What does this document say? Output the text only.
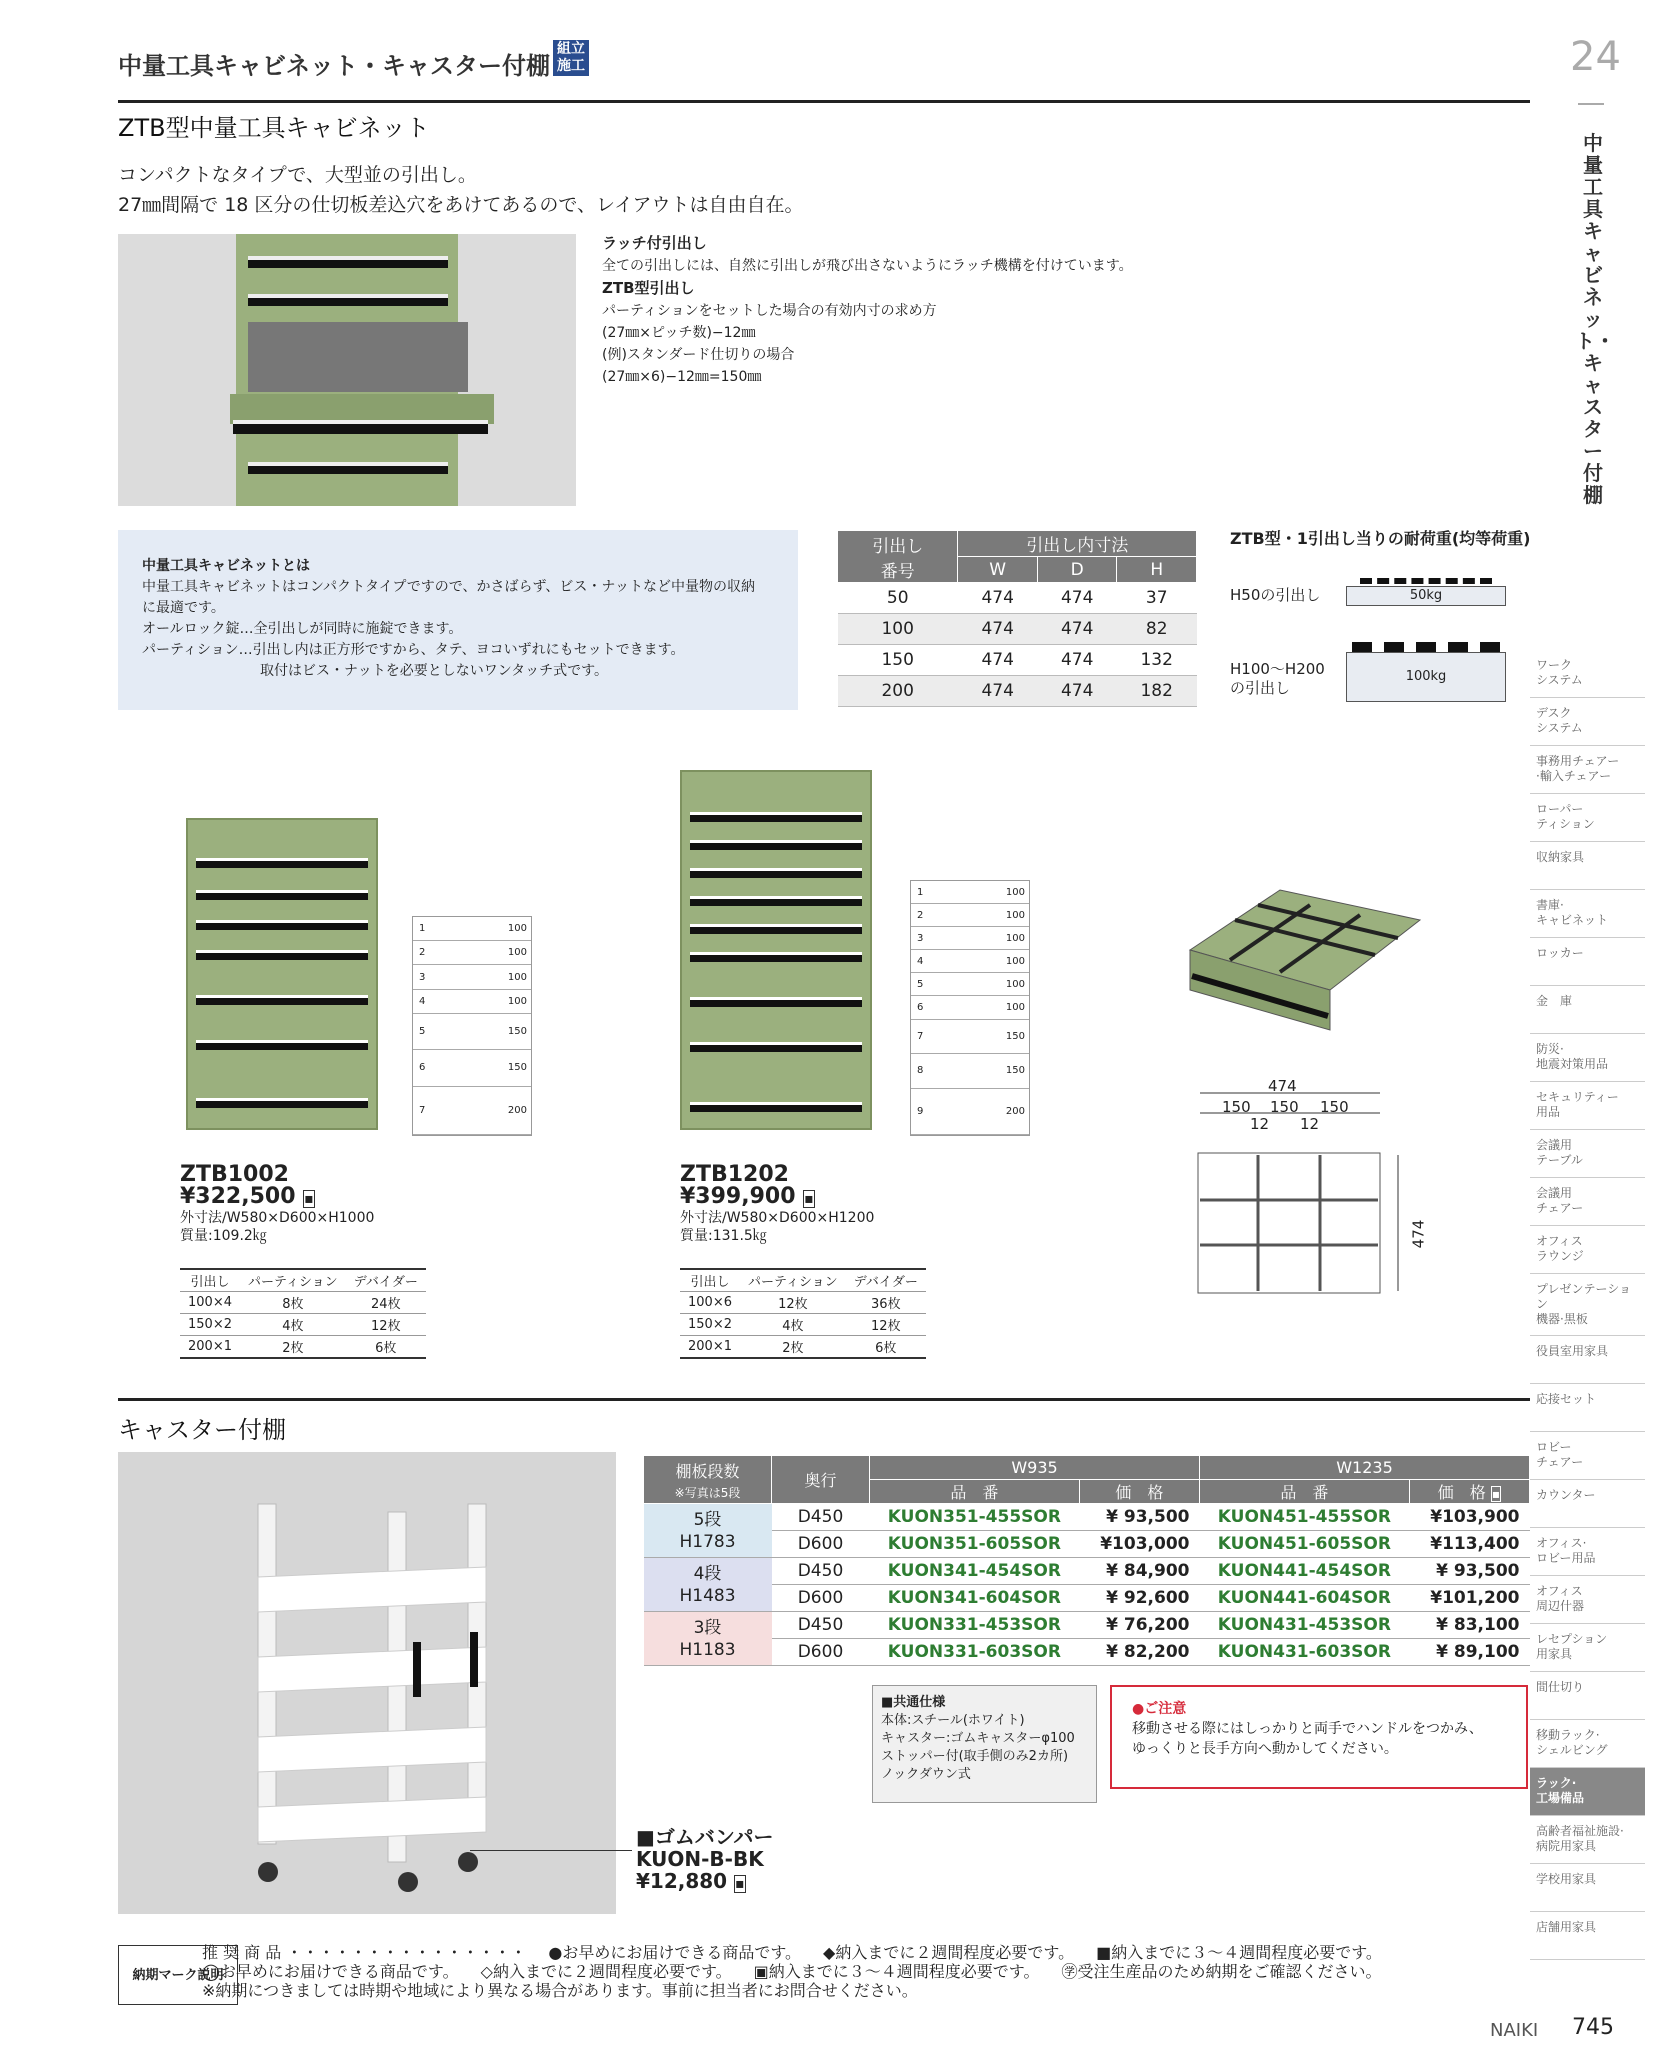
中量工具キャビネット・キャスター付棚
組立
施工	24
中量工具キャビネット・キャスター付棚
ZTB型中量工具キャビネット
コンパクトなタイプで、大型並の引出し。
27㎜間隔で 18 区分の仕切板差込穴をあけてあるので、レイアウトは自由自在。
ラッチ付引出し
全ての引出しには、自然に引出しが飛び出さないようにラッチ機構を付けています。
ZTB型引出し
パーティションをセットした場合の有効内寸の求め方
(27㎜×ピッチ数)−12㎜
(例)スタンダード仕切りの場合
(27㎜×6)−12㎜=150㎜
中量工具キャビネットとは
中量工具キャビネットはコンパクトタイプですので、かさばらず、ビス・ナットなど中量物の収納
に最適です。
オールロック錠…全引出しが同時に施錠できます。
パーティション…引出し内は正方形ですから、タテ、ヨコいずれにもセットできます。
取付はビス・ナットを必要としないワンタッチ式です。
引出し
番号	引出し内寸法		
	W	D	H
50	474	474	37
100	474	474	82
150	474	474	132
200	474	474	182
ZTB型・1引出し当りの耐荷重(均等荷重)
H50の引出し	50kg
H100〜H200
の引出し
100kg
1	100
2	100
3	100
4	100
5	150
6	150
7	200
ZTB1002
¥322,500 ▪
外寸法/W580×D600×H1000
質量:109.2㎏
引出し	パーティション	デバイダー
100×4	8枚	24枚
150×2	4枚	12枚
200×1	2枚	6枚
1	100
2	100
3	100
4	100
5	100
6	100
7	150
8	150
9	200
ZTB1202
¥399,900 ▪
外寸法/W580×D600×H1200
質量:131.5㎏
引出し	パーティション	デバイダー
100×6	12枚	36枚
150×2	4枚	12枚
200×1	2枚	6枚
474
150 150 150
12 12
474
キャスター付棚
■ゴムバンパー
KUON-B-BK
¥12,880 ▪
棚板段数
※写真は5段	奥行	W935		W1235	
		品　番	価　格	品　番	価　格 ▪

5段
H1783	D450	KUON351-455SOR	¥ 93,500	KUON451-455SOR	¥103,900
	D600	KUON351-605SOR	¥103,000	KUON451-605SOR	¥113,400

4段
H1483	D450	KUON341-454SOR	¥ 84,900	KUON441-454SOR	¥ 93,500
	D600	KUON341-604SOR	¥ 92,600	KUON441-604SOR	¥101,200

3段
H1183	D450	KUON331-453SOR	¥ 76,200	KUON431-453SOR	¥ 83,100
	D600	KUON331-603SOR	¥ 82,200	KUON431-603SOR	¥ 89,100
■共通仕様
本体:スチール(ホワイト)
キャスター:ゴムキャスターφ100
ストッパー付(取手側のみ2カ所)
ノックダウン式
●ご注意
移動させる際にはしっかりと両手でハンドルをつかみ、
ゆっくりと長手方向へ動かしてください。
ワーク
システム
デスク
システム
事務用チェアー
·輸入チェアー
ローパー
ティション
収納家具
書庫·
キャビネット
ロッカー
金　庫
防災·
地震対策用品
セキュリティー
用品
会議用
テーブル
会議用
チェアー
オフィス
ラウンジ
プレゼンテーション
機器·黒板
役員室用家具
応接セット
ロビー
チェアー
カウンター
オフィス·
ロビー用品
オフィス
周辺什器
レセプション
用家具
間仕切り
移動ラック·
シェルビング
ラック·
工場備品
高齢者福祉施設·
病院用家具
学校用家具
店舗用家具
納期マーク説明
推 奨 商 品 ・・・・・・・・・・・・・・・ ●お早めにお届けできる商品です。 ◆納入までに２週間程度必要です。 ■納入までに３～４週間程度必要です。
◯お早めにお届けできる商品です。 ◇納入までに２週間程度必要です。 ▣納入までに３～４週間程度必要です。 ㊫受注生産品のため納期をご確認ください。
※納期につきましては時期や地域により異なる場合があります。事前に担当者にお問合せください。
NAIKI 745
